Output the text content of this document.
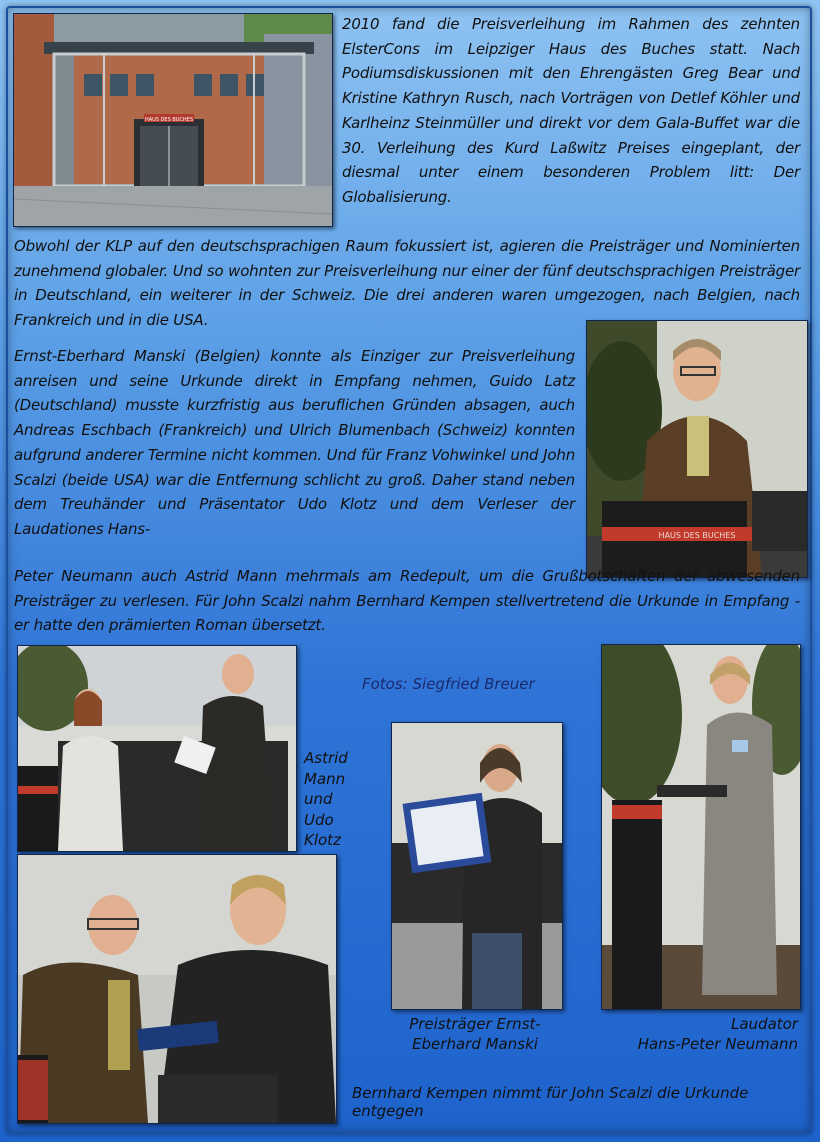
HAUS DES BUCHES

2010 fand die Preisverleihung im Rahmen des zehnten ElsterCons im Leipziger Haus des Buches statt. Nach Podiumsdiskussionen mit den Ehrengästen Greg Bear und Kristine Kathryn Rusch, nach Vorträgen von Detlef Köhler und Karlheinz Steinmüller und direkt vor dem Gala-Buffet war die 30. Verleihung des Kurd Laßwitz Preises eingeplant, der diesmal unter einem besonderen Problem litt: Der Globalisierung.

Obwohl der KLP auf den deutschsprachigen Raum fokussiert ist, agieren die Preisträger und Nominierten zunehmend globaler. Und so wohnten zur Preisverleihung nur einer der fünf deutschsprachigen Preisträger in Deutschland, ein weiterer in der Schweiz. Die drei anderen waren umgezogen, nach Belgien, nach Frankreich und in die USA.

HAUS DES BUCHES

Ernst-Eberhard Manski (Belgien) konnte als Einziger zur Preisverleihung anreisen und seine Urkunde direkt in Empfang nehmen, Guido Latz (Deutschland) musste kurzfristig aus beruflichen Gründen absagen, auch Andreas Eschbach (Frankreich) und Ulrich Blumenbach (Schweiz) konnten aufgrund anderer Termine nicht kommen. Und für Franz Vohwinkel und John Scalzi (beide USA) war die Entfernung schlicht zu groß. Daher stand neben dem Treuhänder und Präsentator Udo Klotz und dem Verleser der Laudationes Hans-

Peter Neumann auch Astrid Mann mehrmals am Redepult, um die Grußbotschaften der abwesenden Preisträger zu verlesen. Für John Scalzi nahm Bernhard Kempen stellvertretend die Urkunde in Empfang - er hatte den prämierten Roman übersetzt.

Astrid
Mann
und
Udo
Klotz
Fotos: Siegfried Breuer
Preisträger Ernst-
Eberhard Manski
Laudator
Hans-Peter Neumann
Bernhard Kempen nimmt für John Scalzi die Urkunde entgegen
